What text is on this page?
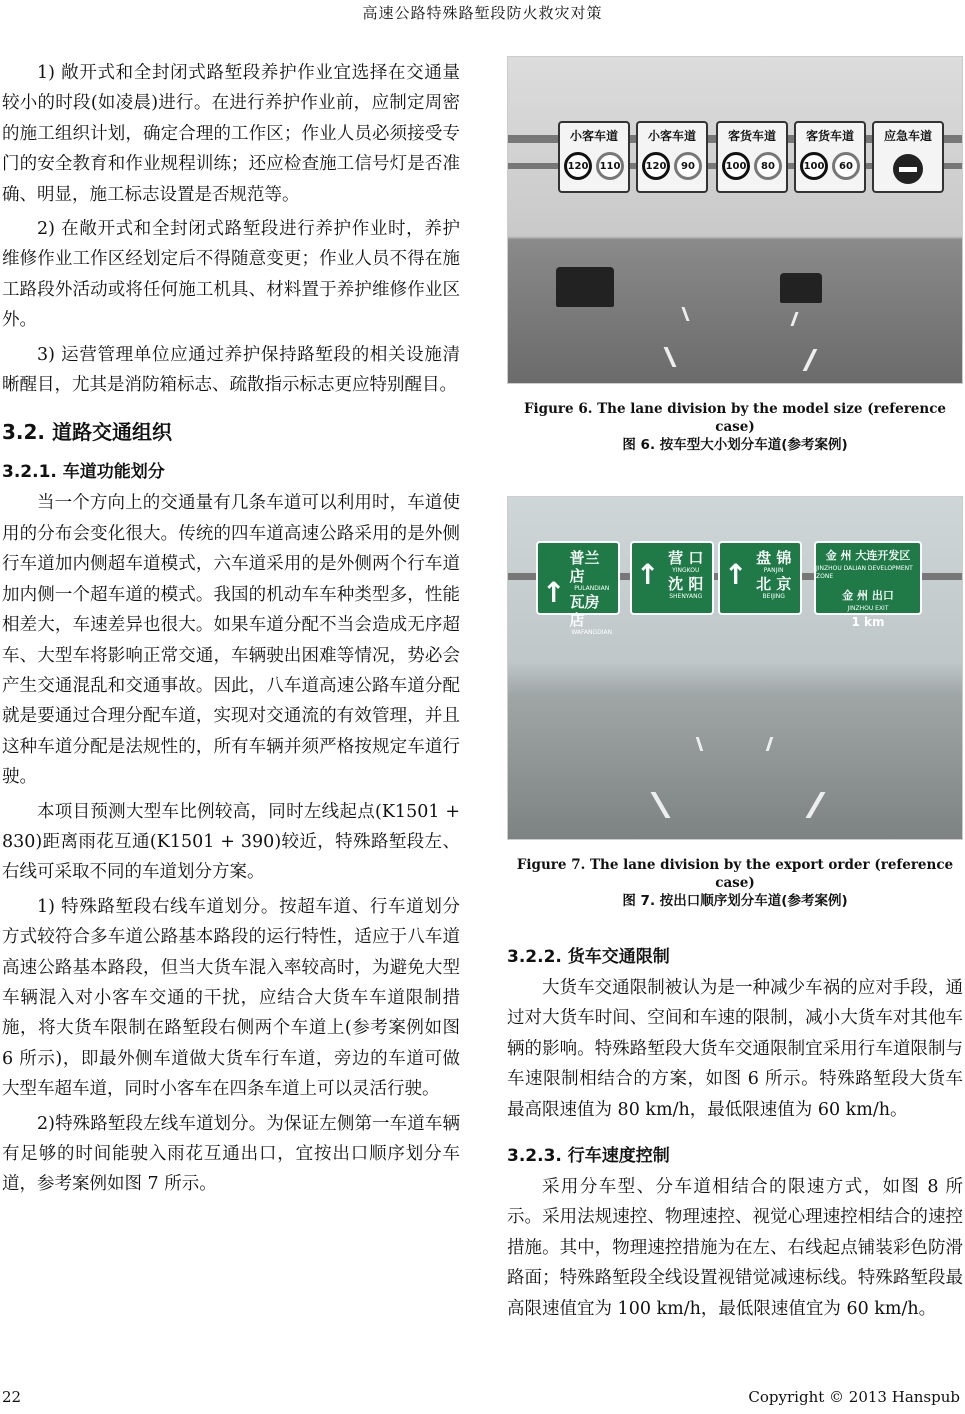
高速公路特殊路堑段防火救灾对策

1) 敞开式和全封闭式路堑段养护作业宜选择在交通量较小的时段(如凌晨)进行。在进行养护作业前，应制定周密的施工组织计划，确定合理的工作区；作业人员必须接受专门的安全教育和作业规程训练；还应检查施工信号灯是否准确、明显，施工标志设置是否规范等。

2) 在敞开式和全封闭式路堑段进行养护作业时，养护维修作业工作区经划定后不得随意变更；作业人员不得在施工路段外活动或将任何施工机具、材料置于养护维修作业区外。

3) 运营管理单位应通过养护保持路堑段的相关设施清晰醒目，尤其是消防箱标志、疏散指示标志更应特别醒目。

3.2. 道路交通组织
3.2.1. 车道功能划分

当一个方向上的交通量有几条车道可以利用时，车道使用的分布会变化很大。传统的四车道高速公路采用的是外侧行车道加内侧超车道模式，六车道采用的是外侧两个行车道加内侧一个超车道的模式。我国的机动车车种类型多，性能相差大，车速差异也很大。如果车道分配不当会造成无序超车、大型车将影响正常交通，车辆驶出困难等情况，势必会产生交通混乱和交通事故。因此，八车道高速公路车道分配就是要通过合理分配车道，实现对交通流的有效管理，并且这种车道分配是法规性的，所有车辆并须严格按规定车道行驶。

本项目预测大型车比例较高，同时左线起点(K1501 + 830)距离雨花互通(K1501 + 390)较近，特殊路堑段左、右线可采取不同的车道划分方案。

1) 特殊路堑段右线车道划分。按超车道、行车道划分方式较符合多车道公路基本路段的运行特性，适应于八车道高速公路基本路段，但当大货车混入率较高时，为避免大型车辆混入对小客车交通的干扰，应结合大货车车道限制措施，将大货车限制在路堑段右侧两个车道上(参考案例如图 6 所示)，即最外侧车道做大货车行车道，旁边的车道可做大型车超车道，同时小客车在四条车道上可以灵活行驶。

2)特殊路堑段左线车道划分。为保证左侧第一车道车辆有足够的时间能驶入雨花互通出口，宜按出口顺序划分车道，参考案例如图 7 所示。

小客车道
120	110
小客车道
120	90
客货车道
100	80
客货车道
100	60
应急车道
Figure 6. The lane division by the model size (reference case)
图 6. 按车型大小划分车道(参考案例)
↑
普兰店
PULANDIAN
瓦房店
WAFANGDIAN
↑ 营 口
YINGKOU
沈 阳
SHENYANG
↑ 盘 锦
PANJIN
北 京
BEIJING
金 州 大连开发区
JINZHOU DALIAN DEVELOPMENT ZONE
金 州 出口
JINZHOU EXIT
1 km
Figure 7. The lane division by the export order (reference case)
图 7. 按出口顺序划分车道(参考案例)
3.2.2. 货车交通限制

大货车交通限制被认为是一种减少车祸的应对手段，通过对大货车时间、空间和车速的限制，减小大货车对其他车辆的影响。特殊路堑段大货车交通限制宜采用行车道限制与车速限制相结合的方案，如图 6 所示。特殊路堑段大货车最高限速值为 80 km/h，最低限速值为 60 km/h。

3.2.3. 行车速度控制

采用分车型、分车道相结合的限速方式，如图 8 所示。采用法规速控、物理速控、视觉心理速控相结合的速控措施。其中，物理速控措施为在左、右线起点铺装彩色防滑路面；特殊路堑段全线设置视错觉减速标线。特殊路堑段最高限速值宜为 100 km/h，最低限速值宜为 60 km/h。

22	Copyright © 2013 Hanspub
